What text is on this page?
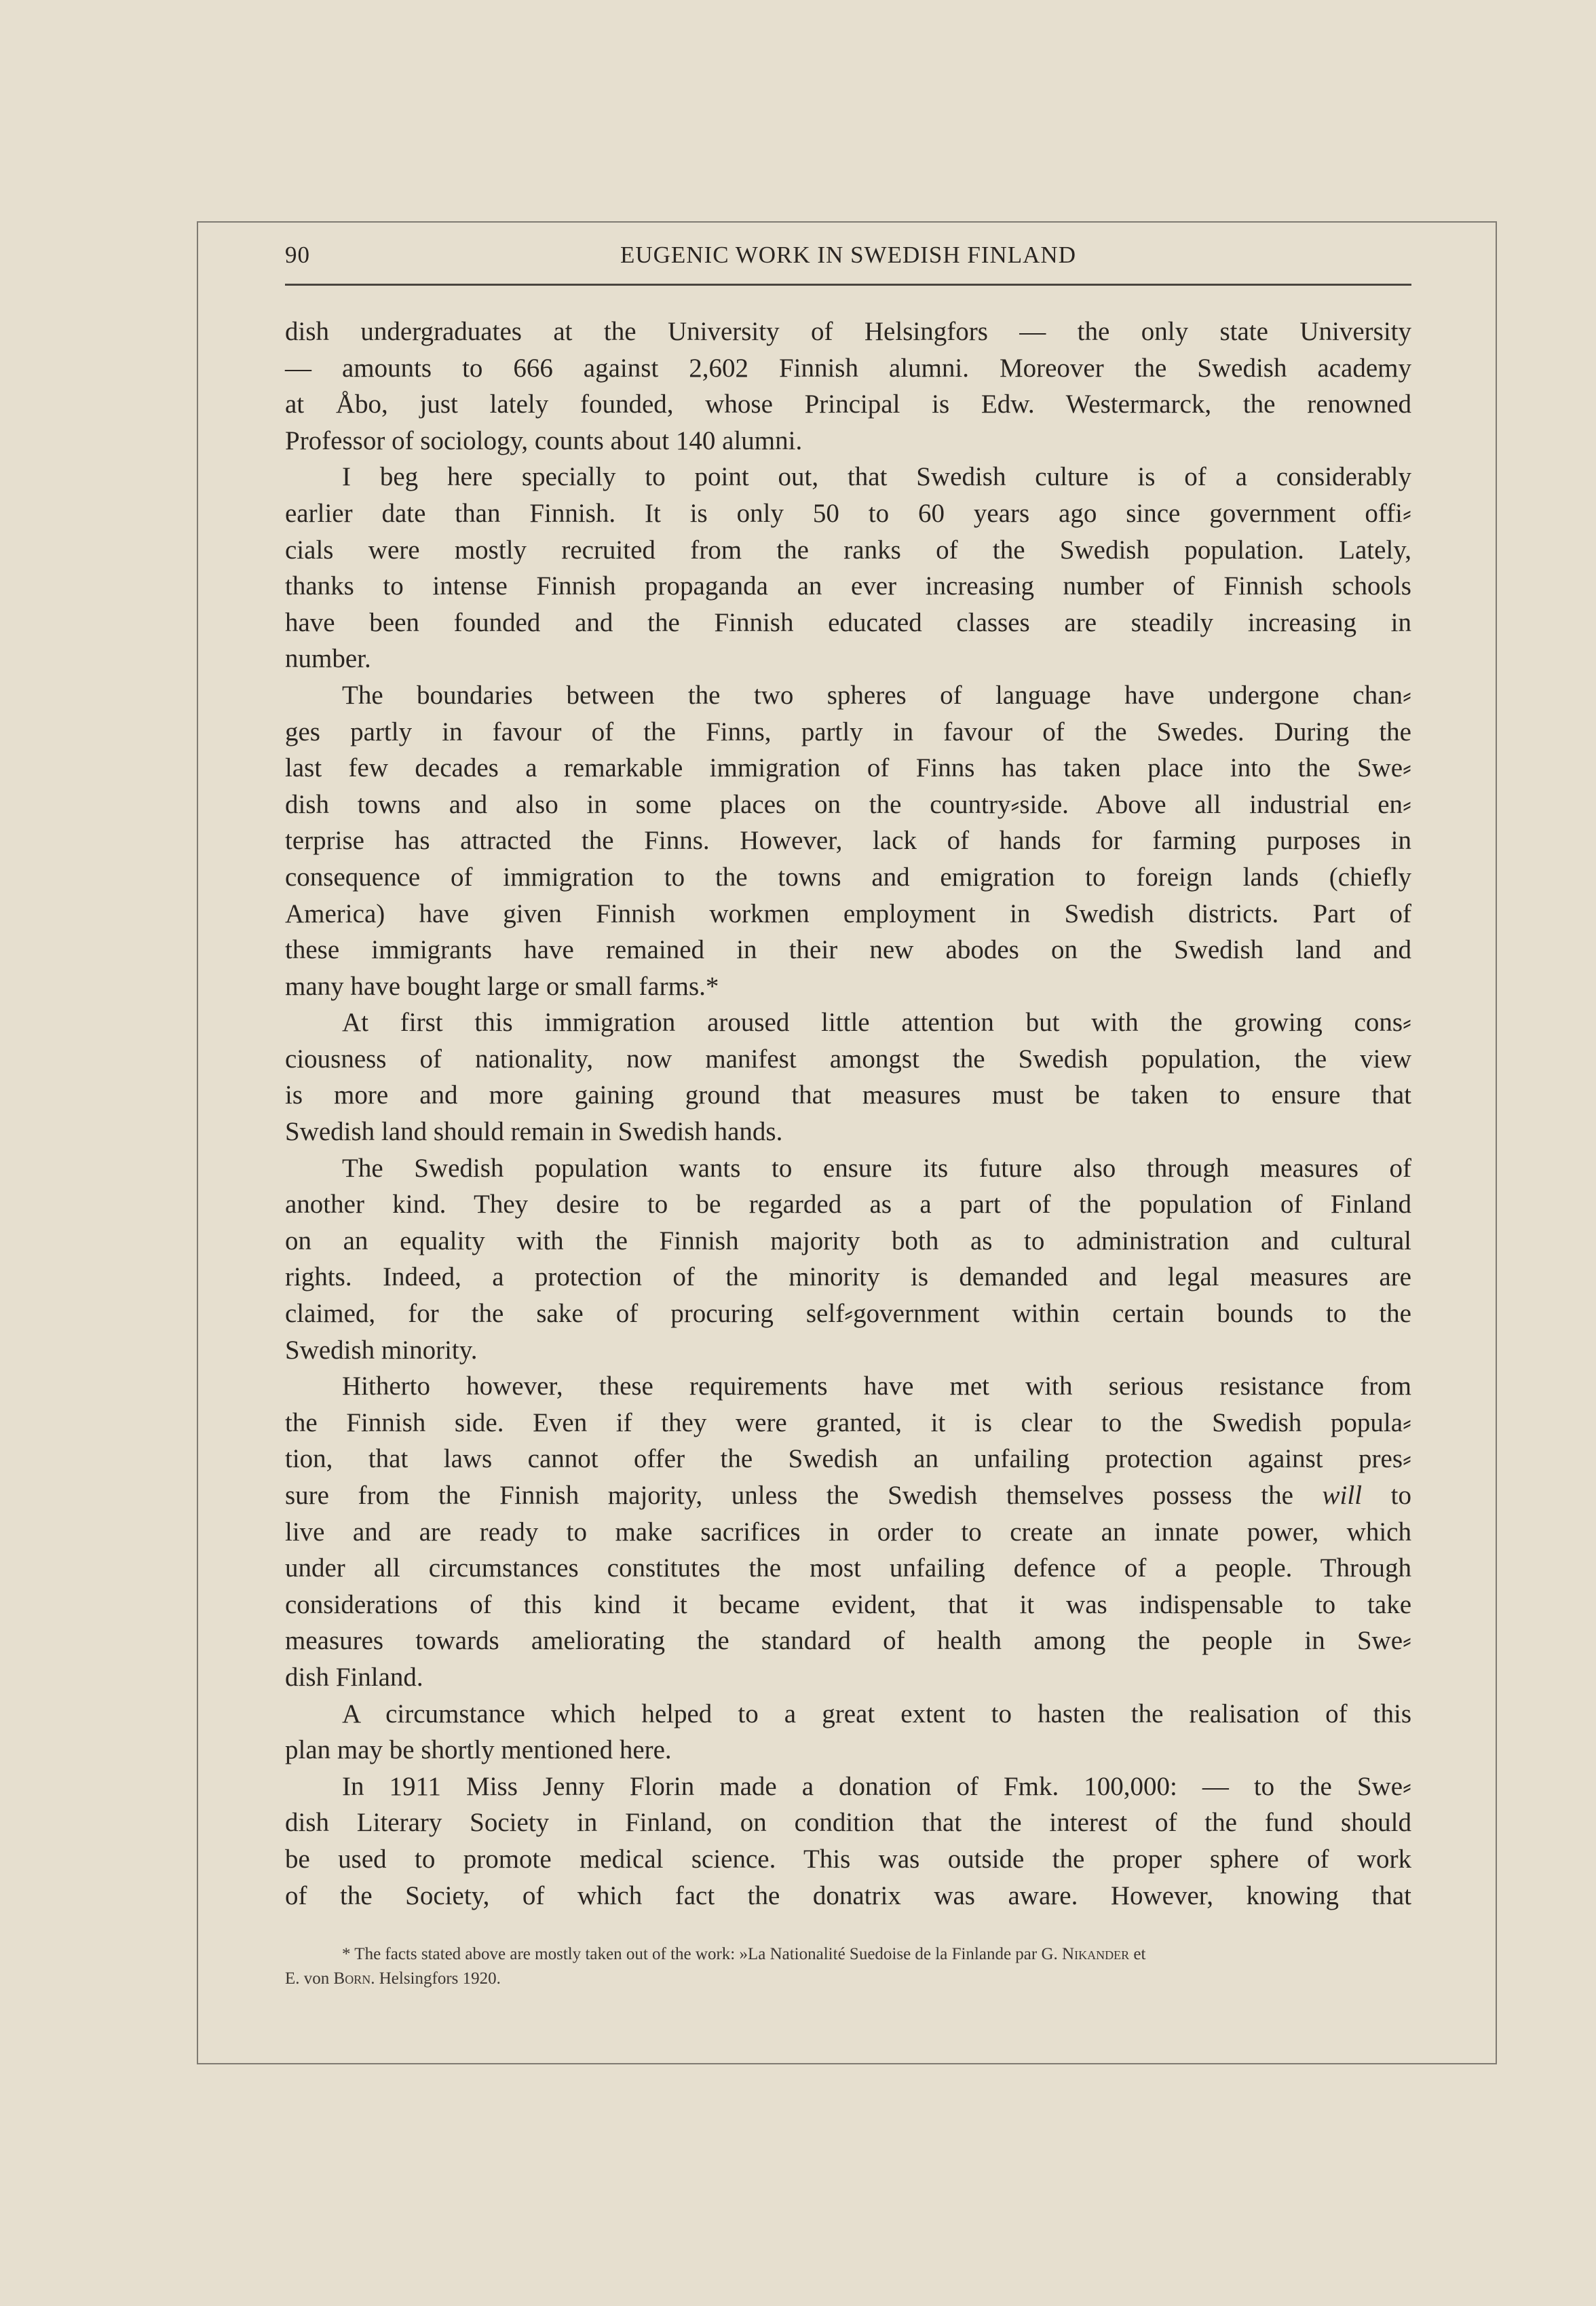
90	EUGENIC WORK IN SWEDISH FINLAND
dish undergraduates at the University of Helsingfors — the only state University
— amounts to 666 against 2,602 Finnish alumni. Moreover the Swedish academy
at Åbo, just lately founded, whose Principal is Edw. Westermarck, the renowned
Professor of sociology, counts about 140 alumni.
I beg here specially to point out, that Swedish culture is of a considerably
earlier date than Finnish. It is only 50 to 60 years ago since government offi⸗
cials were mostly recruited from the ranks of the Swedish population. Lately,
thanks to intense Finnish propaganda an ever increasing number of Finnish schools
have been founded and the Finnish educated classes are steadily increasing in
number.
The boundaries between the two spheres of language have undergone chan⸗
ges partly in favour of the Finns, partly in favour of the Swedes. During the
last few decades a remarkable immigration of Finns has taken place into the Swe⸗
dish towns and also in some places on the country⸗side. Above all industrial en⸗
terprise has attracted the Finns. However, lack of hands for farming purposes in
consequence of immigration to the towns and emigration to foreign lands (chiefly
America) have given Finnish workmen employment in Swedish districts. Part of
these immigrants have remained in their new abodes on the Swedish land and
many have bought large or small farms.*
At first this immigration aroused little attention but with the growing cons⸗
ciousness of nationality, now manifest amongst the Swedish population, the view
is more and more gaining ground that measures must be taken to ensure that
Swedish land should remain in Swedish hands.
The Swedish population wants to ensure its future also through measures of
another kind. They desire to be regarded as a part of the population of Finland
on an equality with the Finnish majority both as to administration and cultural
rights. Indeed, a protection of the minority is demanded and legal measures are
claimed, for the sake of procuring self⸗government within certain bounds to the
Swedish minority.
Hitherto however, these requirements have met with serious resistance from
the Finnish side. Even if they were granted, it is clear to the Swedish popula⸗
tion, that laws cannot offer the Swedish an unfailing protection against pres⸗
sure from the Finnish majority, unless the Swedish themselves possess the will to
live and are ready to make sacrifices in order to create an innate power, which
under all circumstances constitutes the most unfailing defence of a people. Through
considerations of this kind it became evident, that it was indispensable to take
measures towards ameliorating the standard of health among the people in Swe⸗
dish Finland.
A circumstance which helped to a great extent to hasten the realisation of this
plan may be shortly mentioned here.
In 1911 Miss Jenny Florin made a donation of Fmk. 100,000: — to the Swe⸗
dish Literary Society in Finland, on condition that the interest of the fund should
be used to promote medical science. This was outside the proper sphere of work
of the Society, of which fact the donatrix was aware. However, knowing that
* The facts stated above are mostly taken out of the work: »La Nationalité Suedoise de la Finlande par G. Nikander et
E. von Born. Helsingfors 1920.
